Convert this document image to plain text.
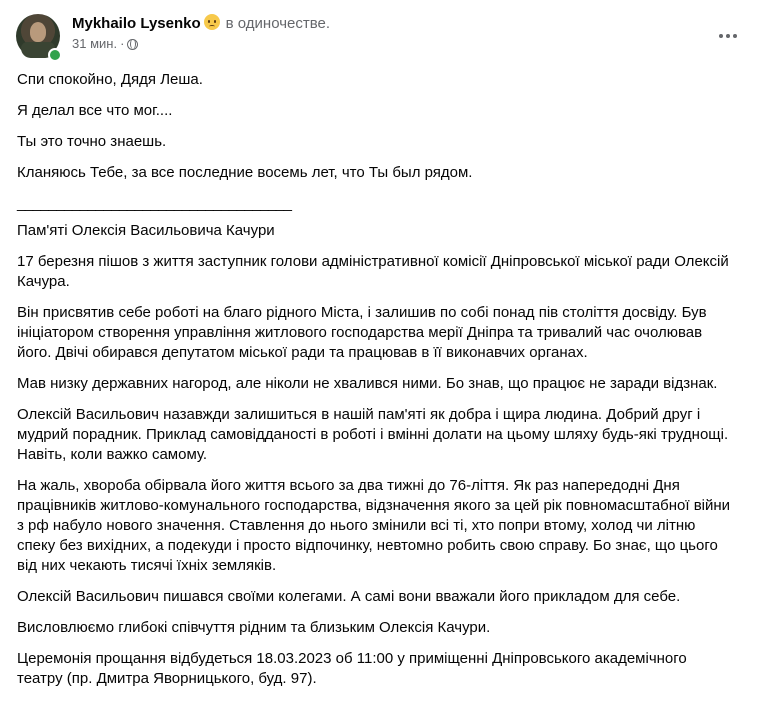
Mykhailo Lysenko в одиночестве.
31 мин. ·

Спи спокойно, Дядя Леша.

Я делал все что мог....

Ты это точно знаешь.

Кланяюсь Тебе, за все последние восемь лет, что Ты был рядом.

___________________________________

Пам'яті Олексія Васильовича Качури

17 березня пішов з життя заступник голови адміністративної комісії Дніпровської міської ради Олексій Качура.

Він присвятив себе роботі на благо рідного Міста, і залишив по собі понад пів століття досвіду. Був ініціатором створення управління житлового господарства мерії Дніпра та тривалий час очолював його. Двічі обирався депутатом міської ради та працював в її виконавчих органах.

Мав низку державних нагород, але ніколи не хвалився ними. Бо знав, що працює не заради відзнак.

Олексій Васильович назавжди залишиться в нашій пам'яті як добра і щира людина. Добрий друг і мудрий порадник. Приклад самовідданості в роботі і вмінні долати на цьому шляху будь-які труднощі. Навіть, коли важко самому.

На жаль, хвороба обірвала його життя всього за два тижні до 76-ліття. Як раз напередодні Дня працівників житлово-комунального господарства, відзначення якого за цей рік повномасштабної війни з рф набуло нового значення. Ставлення до нього змінили всі ті, хто попри втому, холод чи літню спеку без вихідних, а подекуди і просто відпочинку, невтомно робить свою справу. Бо знає, що цього від них чекають тисячі їхніх земляків.

Олексій Васильович пишався своїми колегами. А самі вони вважали його прикладом для себе.

Висловлюємо глибокі співчуття рідним та близьким Олексія Качури.

Церемонія прощання відбудеться 18.03.2023 об 11:00 у приміщенні Дніпровського академічного театру (пр. Дмитра Яворницького, буд. 97).
